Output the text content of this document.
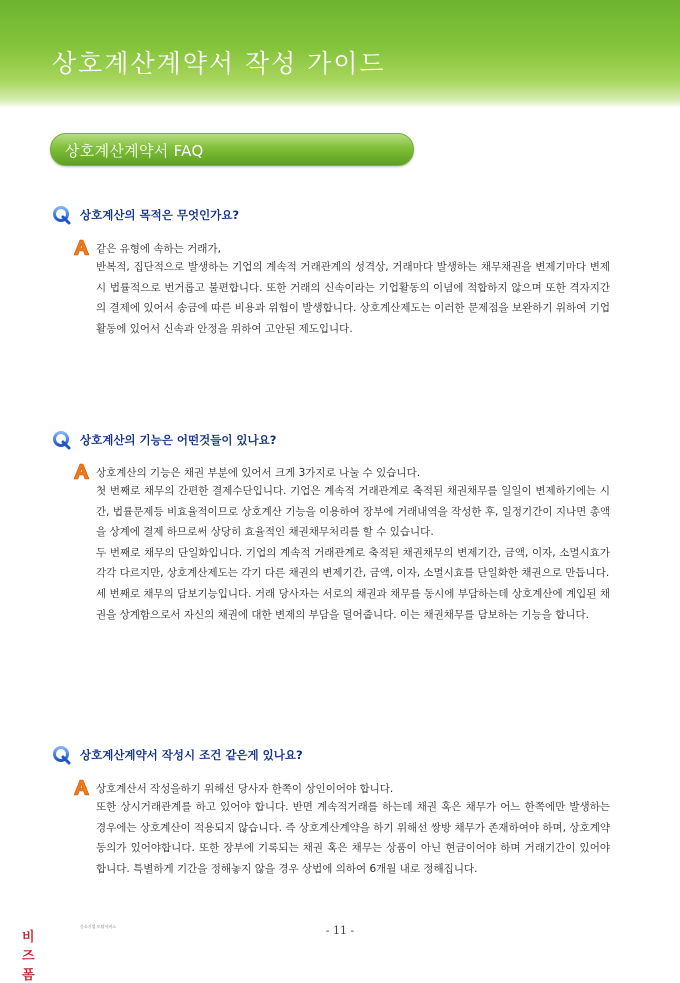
상호계산계약서 작성 가이드
상호계산계약서 FAQ
상호계산의 목적은 무엇인가요?
같은 유형에 속하는 거래가,

반복적, 집단적으로 발생하는 기업의 계속적 거래관계의 성격상, 거래마다 발생하는 채무채권을 변제기마다 변제 시 법률적으로 번거롭고 불편합니다. 또한 거래의 신속이라는 기업활동의 이념에 적합하지 않으며 또한 격자지간의 결제에 있어서 송금에 따른 비용과 위험이 발생합니다. 상호계산제도는 이러한 문제점을 보완하기 위하여 기업활동에 있어서 신속과 안정을 위하여 고안된 제도입니다.

상호계산의 기능은 어떤것들이 있나요?
상호계산의 기능은 채권 부분에 있어서 크게 3가지로 나눌 수 있습니다.

첫 번째로 채무의 간편한 결제수단입니다. 기업은 계속적 거래관계로 축적된 채권채무를 일일이 변제하기에는 시간, 법률문제등 비효율적이므로 상호계산 기능을 이용하여 장부에 거래내역을 작성한 후, 일정기간이 지나면 총액을 상계에 결제 하므로써 상당히 효율적인 채권채무처리를 할 수 있습니다.

두 번째로 채무의 단일화입니다. 기업의 계속적 거래관계로 축적된 채권채무의 변제기간, 금액, 이자, 소멸시효가 각각 다르지만, 상호계산제도는 각기 다른 채권의 변제기간, 금액, 이자, 소멸시효를 단일화한 채권으로 만듭니다.

세 번째로 채무의 담보기능입니다. 거래 당사자는 서로의 채권과 채무를 동시에 부담하는데 상호계산에 계입된 채권을 상계함으로서 자신의 채권에 대한 변제의 부담을 덜어줍니다. 이는 채권채무를 담보하는 기능을 합니다.

상호계산계약서 작성시 조건 같은게 있나요?
상호계산서 작성을하기 위해선 당사자 한쪽이 상인이어야 합니다.

또한 상시거래관계를 하고 있어야 합니다. 반면 계속적거래를 하는데 채권 혹은 채무가 어느 한쪽에만 발생하는 경우에는 상호계산이 적용되지 않습니다. 즉 상호계산계약을 하기 위해선 쌍방 채무가 존재하여야 하며, 상호계약동의가 있어야합니다. 또한 장부에 기록되는 채권 혹은 채무는 상품이 아닌 현금이어야 하며 거래기간이 있어야 합니다. 특별하게 기간을 정해놓지 않을 경우 상법에 의하여 6개월 내로 정해집니다.

비즈폼
중소기업 토탈서비스	- 11 -
